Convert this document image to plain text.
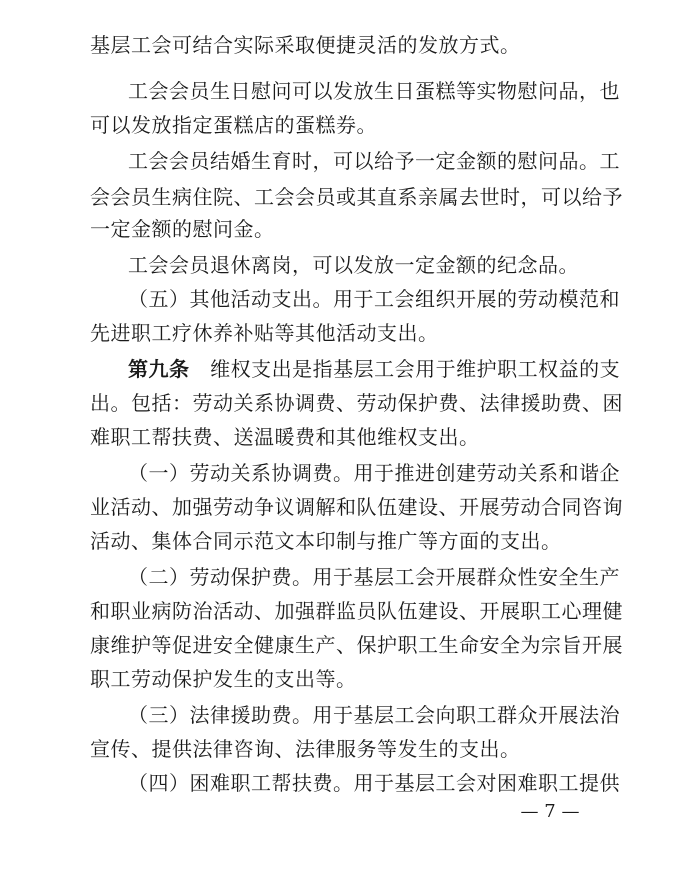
基层工会可结合实际采取便捷灵活的发放方式。
工会会员生日慰问可以发放生日蛋糕等实物慰问品，也
可以发放指定蛋糕店的蛋糕券。
工会会员结婚生育时，可以给予一定金额的慰问品。工
会会员生病住院、工会会员或其直系亲属去世时，可以给予
一定金额的慰问金。
工会会员退休离岗，可以发放一定金额的纪念品。
（五）其他活动支出。用于工会组织开展的劳动模范和
先进职工疗休养补贴等其他活动支出。
第九条 维权支出是指基层工会用于维护职工权益的支
出。包括：劳动关系协调费、劳动保护费、法律援助费、困
难职工帮扶费、送温暖费和其他维权支出。
（一）劳动关系协调费。用于推进创建劳动关系和谐企
业活动、加强劳动争议调解和队伍建设、开展劳动合同咨询
活动、集体合同示范文本印制与推广等方面的支出。
（二）劳动保护费。用于基层工会开展群众性安全生产
和职业病防治活动、加强群监员队伍建设、开展职工心理健
康维护等促进安全健康生产、保护职工生命安全为宗旨开展
职工劳动保护发生的支出等。
（三）法律援助费。用于基层工会向职工群众开展法治
宣传、提供法律咨询、法律服务等发生的支出。
（四）困难职工帮扶费。用于基层工会对困难职工提供
— 7 —
